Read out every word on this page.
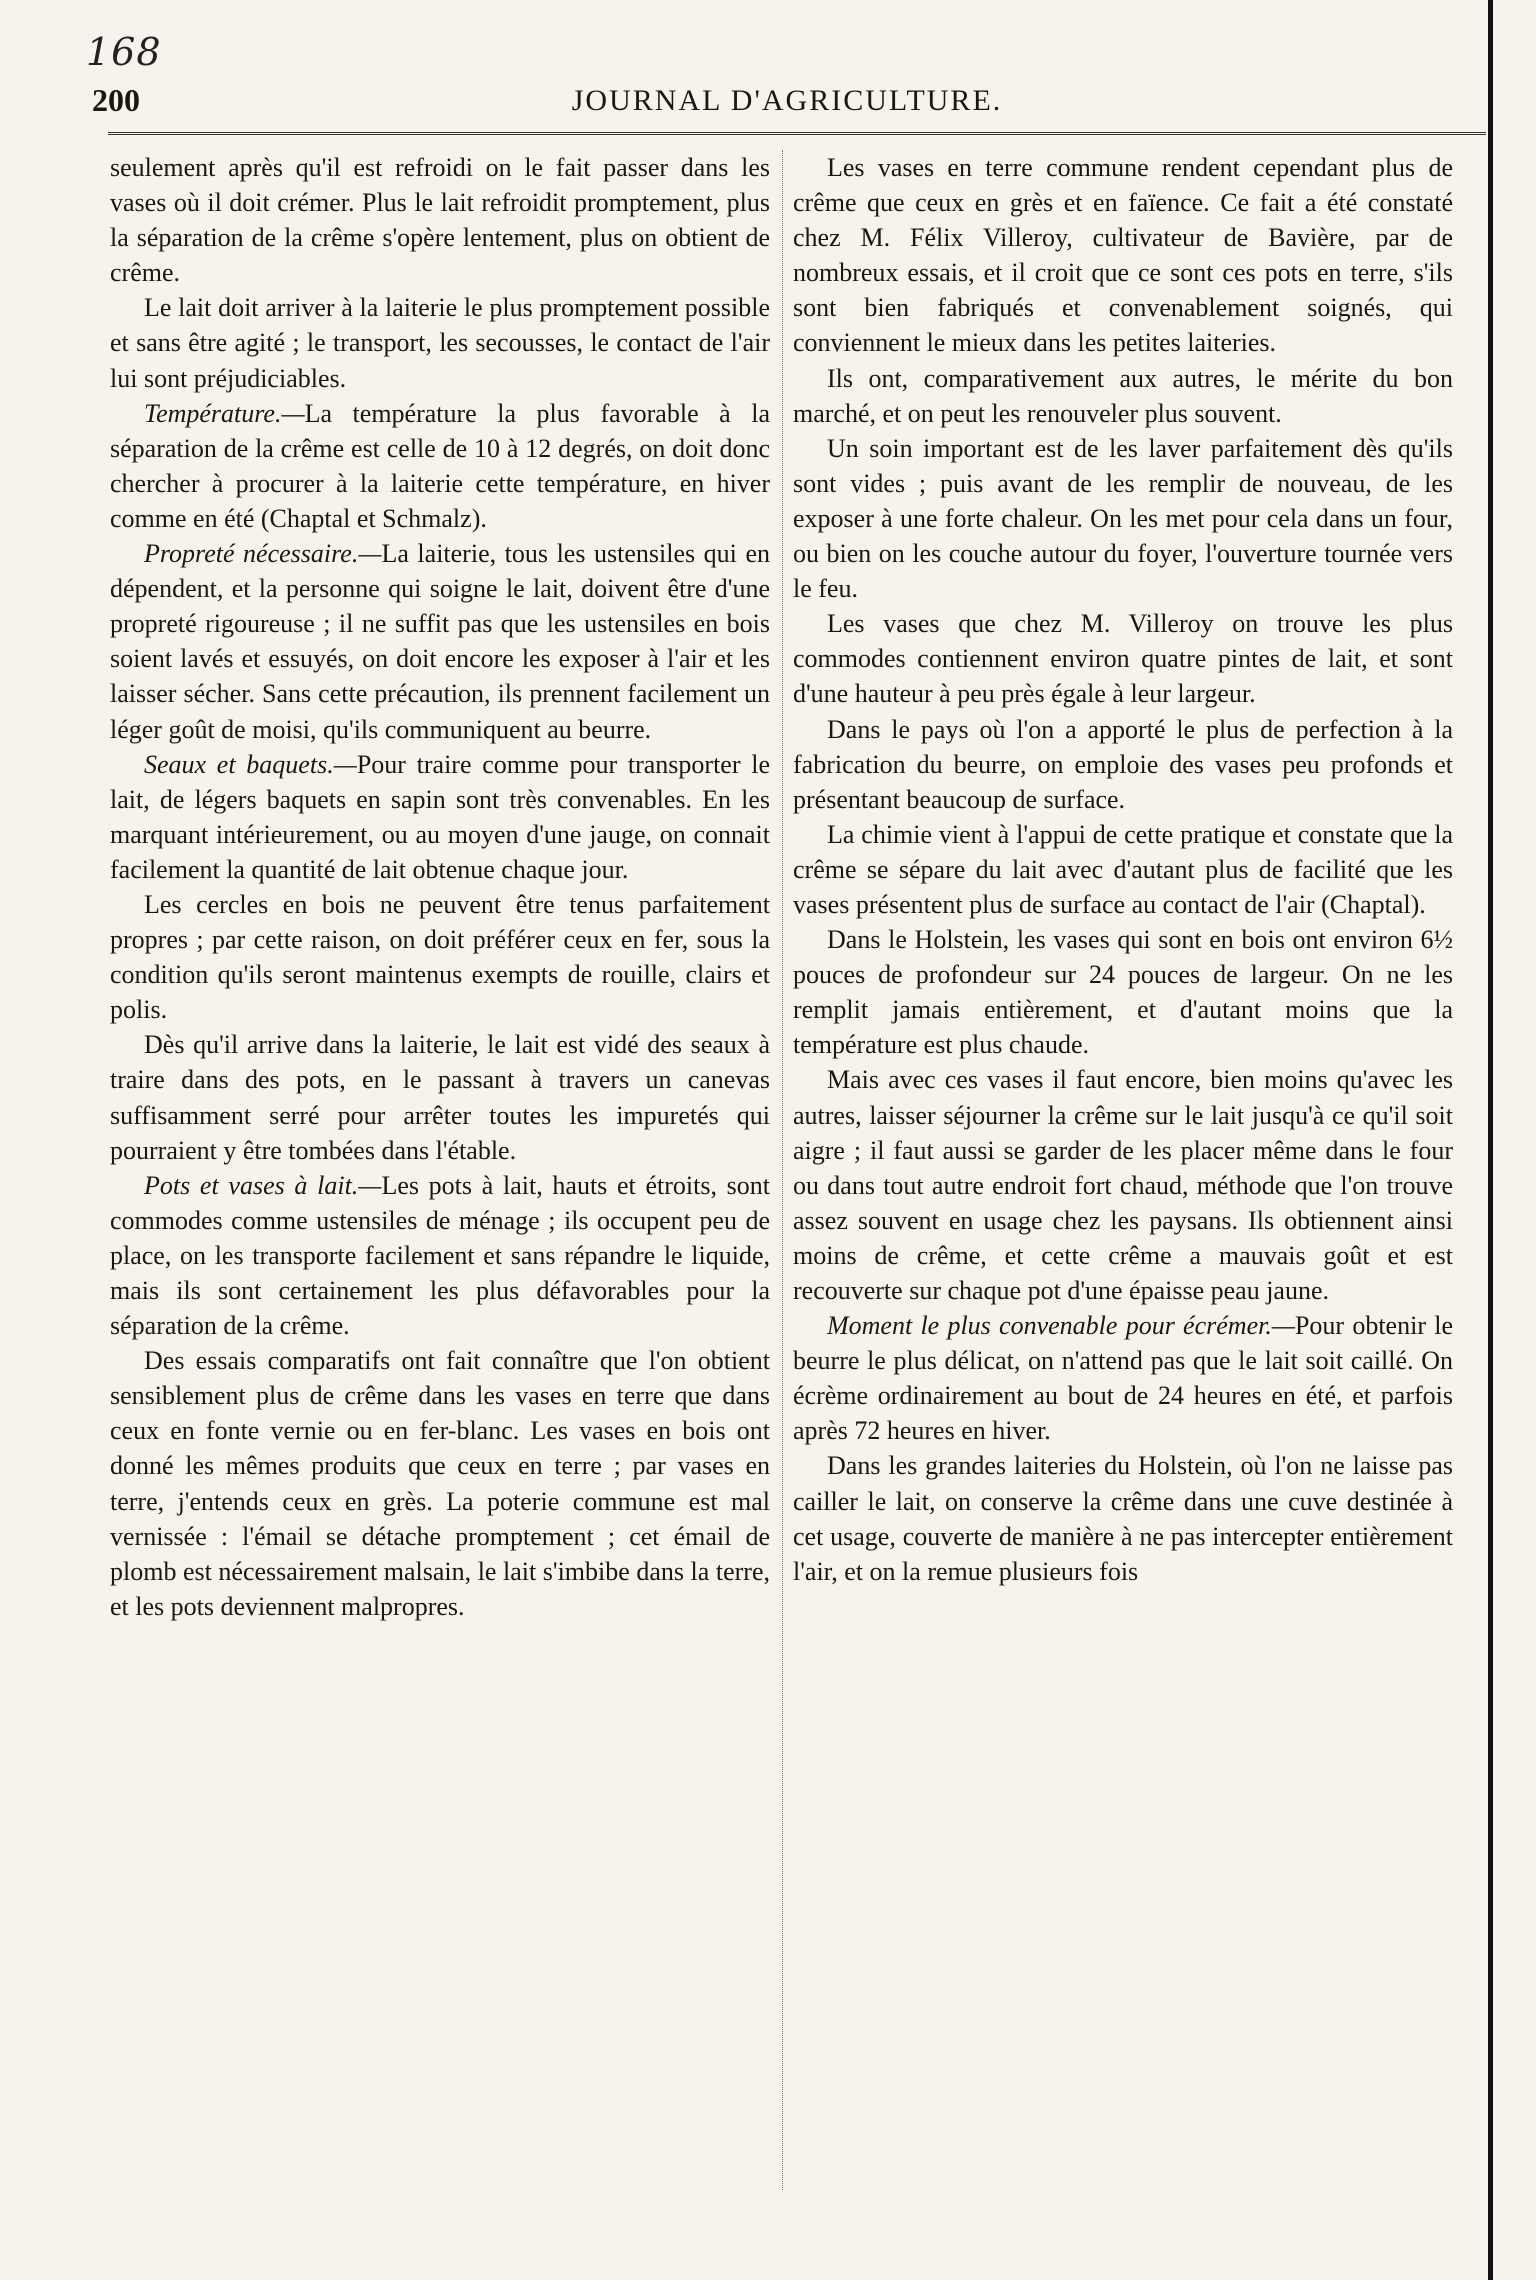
168
200	JOURNAL D'AGRICULTURE.

seulement après qu'il est refroidi on le fait passer dans les vases où il doit crémer. Plus le lait refroidit promptement, plus la séparation de la crême s'opère lentement, plus on obtient de crême.

Le lait doit arriver à la laiterie le plus promptement possible et sans être agité ; le transport, les secousses, le contact de l'air lui sont préjudiciables.

Température.—La température la plus favorable à la séparation de la crême est celle de 10 à 12 degrés, on doit donc chercher à procurer à la laiterie cette température, en hiver comme en été (Chaptal et Schmalz).

Propreté nécessaire.—La laiterie, tous les ustensiles qui en dépendent, et la personne qui soigne le lait, doivent être d'une propreté rigoureuse ; il ne suffit pas que les ustensiles en bois soient lavés et essuyés, on doit encore les exposer à l'air et les laisser sécher. Sans cette précaution, ils prennent facilement un léger goût de moisi, qu'ils communiquent au beurre.

Seaux et baquets.—Pour traire comme pour transporter le lait, de légers baquets en sapin sont très convenables. En les marquant intérieurement, ou au moyen d'une jauge, on connait facilement la quantité de lait obtenue chaque jour.

Les cercles en bois ne peuvent être tenus parfaitement propres ; par cette raison, on doit préférer ceux en fer, sous la condition qu'ils seront maintenus exempts de rouille, clairs et polis.

Dès qu'il arrive dans la laiterie, le lait est vidé des seaux à traire dans des pots, en le passant à travers un canevas suffisamment serré pour arrêter toutes les impuretés qui pourraient y être tombées dans l'étable.

Pots et vases à lait.—Les pots à lait, hauts et étroits, sont commodes comme ustensiles de ménage ; ils occupent peu de place, on les transporte facilement et sans répandre le liquide, mais ils sont certainement les plus défavorables pour la séparation de la crême.

Des essais comparatifs ont fait connaître que l'on obtient sensiblement plus de crême dans les vases en terre que dans ceux en fonte vernie ou en fer-blanc. Les vases en bois ont donné les mêmes produits que ceux en terre ; par vases en terre, j'entends ceux en grès. La poterie commune est mal vernissée : l'émail se détache promptement ; cet émail de plomb est nécessairement malsain, le lait s'imbibe dans la terre, et les pots deviennent malpropres.

Les vases en terre commune rendent cependant plus de crême que ceux en grès et en faïence. Ce fait a été constaté chez M. Félix Villeroy, cultivateur de Bavière, par de nombreux essais, et il croit que ce sont ces pots en terre, s'ils sont bien fabriqués et convenablement soignés, qui conviennent le mieux dans les petites laiteries.

Ils ont, comparativement aux autres, le mérite du bon marché, et on peut les renouveler plus souvent.

Un soin important est de les laver parfaitement dès qu'ils sont vides ; puis avant de les remplir de nouveau, de les exposer à une forte chaleur. On les met pour cela dans un four, ou bien on les couche autour du foyer, l'ouverture tournée vers le feu.

Les vases que chez M. Villeroy on trouve les plus commodes contiennent environ quatre pintes de lait, et sont d'une hauteur à peu près égale à leur largeur.

Dans le pays où l'on a apporté le plus de perfection à la fabrication du beurre, on emploie des vases peu profonds et présentant beaucoup de surface.

La chimie vient à l'appui de cette pratique et constate que la crême se sépare du lait avec d'autant plus de facilité que les vases présentent plus de surface au contact de l'air (Chaptal).

Dans le Holstein, les vases qui sont en bois ont environ 6½ pouces de profondeur sur 24 pouces de largeur. On ne les remplit jamais entièrement, et d'autant moins que la température est plus chaude.

Mais avec ces vases il faut encore, bien moins qu'avec les autres, laisser séjourner la crême sur le lait jusqu'à ce qu'il soit aigre ; il faut aussi se garder de les placer même dans le four ou dans tout autre endroit fort chaud, méthode que l'on trouve assez souvent en usage chez les paysans. Ils obtiennent ainsi moins de crême, et cette crême a mauvais goût et est recouverte sur chaque pot d'une épaisse peau jaune.

Moment le plus convenable pour écrémer.—Pour obtenir le beurre le plus délicat, on n'attend pas que le lait soit caillé. On écrème ordinairement au bout de 24 heures en été, et parfois après 72 heures en hiver.

Dans les grandes laiteries du Holstein, où l'on ne laisse pas cailler le lait, on conserve la crême dans une cuve destinée à cet usage, couverte de manière à ne pas intercepter entièrement l'air, et on la remue plusieurs fois
